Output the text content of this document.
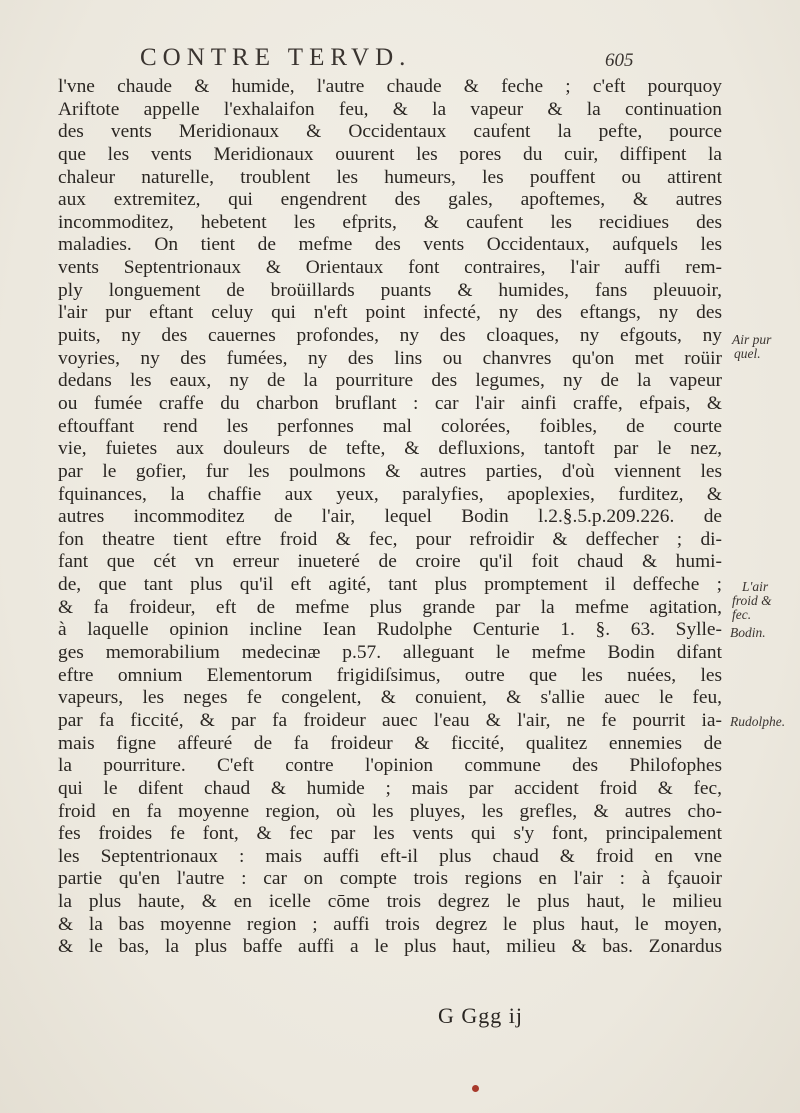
CONTRE TERVD.	605
l'vne chaude & humide, l'autre chaude & feche ; c'eft pourquoy
Ariftote appelle l'exhalaifon feu, & la vapeur & la continuation
des vents Meridionaux & Occidentaux caufent la pefte, pource
que les vents Meridionaux ouurent les pores du cuir, diffipent la
chaleur naturelle, troublent les humeurs, les pouffent ou attirent
aux extremitez, qui engendrent des gales, apoftemes, & autres
incommoditez, hebetent les efprits, & caufent les recidiues des
maladies. On tient de mefme des vents Occidentaux, aufquels les
vents Septentrionaux & Orientaux font contraires, l'air auffi rem-
ply longuement de broüillards puants & humides, fans pleuuoir,
l'air pur eftant celuy qui n'eft point infecté, ny des eftangs, ny des
puits, ny des cauernes profondes, ny des cloaques, ny efgouts, ny
voyries, ny des fumées, ny des lins ou chanvres qu'on met roüir
dedans les eaux, ny de la pourriture des legumes, ny de la vapeur
ou fumée craffe du charbon bruflant : car l'air ainfi craffe, efpais, &
eftouffant rend les perfonnes mal colorées, foibles, de courte
vie, fuietes aux douleurs de tefte, & defluxions, tantoft par le nez,
par le gofier, fur les poulmons & autres parties, d'où viennent les
fquinances, la chaffie aux yeux, paralyfies, apoplexies, furditez, &
autres incommoditez de l'air, lequel Bodin l.2.§.5.p.209.226. de
fon theatre tient eftre froid & fec, pour refroidir & deffecher ; di-
fant que cét vn erreur inueteré de croire qu'il foit chaud & humi-
de, que tant plus qu'il eft agité, tant plus promptement il deffeche ;
& fa froideur, eft de mefme plus grande par la mefme agitation,
à laquelle opinion incline Iean Rudolphe Centurie 1. §. 63. Sylle-
ges memorabilium medecinæ p.57. alleguant le mefme Bodin difant
eftre omnium Elementorum frigidiſsimus, outre que les nuées, les
vapeurs, les neges fe congelent, & conuient, & s'allie auec le feu,
par fa ficcité, & par fa froideur auec l'eau & l'air, ne fe pourrit ia-
mais figne affeuré de fa froideur & ficcité, qualitez ennemies de
la pourriture. C'eft contre l'opinion commune des Philofophes
qui le difent chaud & humide ; mais par accident froid & fec,
froid en fa moyenne region, où les pluyes, les grefles, & autres cho-
fes froides fe font, & fec par les vents qui s'y font, principalement
les Septentrionaux : mais auffi eft-il plus chaud & froid en vne
partie qu'en l'autre : car on compte trois regions en l'air : à fçauoir
la plus haute, & en icelle cōme trois degrez le plus haut, le milieu
& la bas moyenne region ; auffi trois degrez le plus haut, le moyen,
& le bas, la plus baffe auffi a le plus haut, milieu & bas. Zonardus
Air pur
quel.
L'air
froid &
fec.
Bodin.
Rudolphe.
G Ggg ij
